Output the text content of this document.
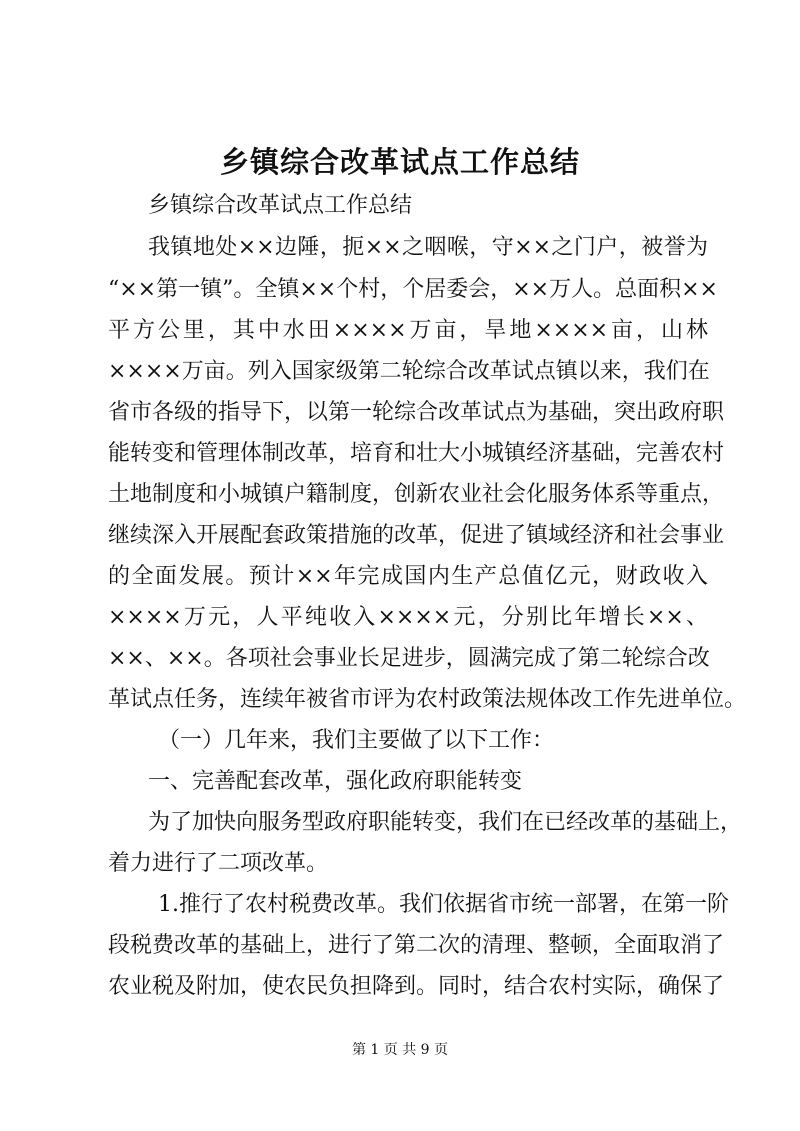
乡镇综合改革试点工作总结

乡镇综合改革试点工作总结

我镇地处××边陲，扼××之咽喉，守××之门户，被誉为

“××第一镇”。全镇××个村，个居委会，××万人。总面积××

平方公里，其中水田××××万亩，旱地××××亩，山林

××××万亩。列入国家级第二轮综合改革试点镇以来，我们在

省市各级的指导下，以第一轮综合改革试点为基础，突出政府职

能转变和管理体制改革，培育和壮大小城镇经济基础，完善农村

土地制度和小城镇户籍制度，创新农业社会化服务体系等重点，

继续深入开展配套政策措施的改革，促进了镇域经济和社会事业

的全面发展。预计××年完成国内生产总值亿元，财政收入

××××万元，人平纯收入××××元，分别比年增长××、

××、××。各项社会事业长足进步，圆满完成了第二轮综合改

革试点任务，连续年被省市评为农村政策法规体改工作先进单位。

（一）几年来，我们主要做了以下工作：

一、完善配套改革，强化政府职能转变

为了加快向服务型政府职能转变，我们在已经改革的基础上，

着力进行了二项改革。

1.推行了农村税费改革。我们依据省市统一部署，在第一阶

段税费改革的基础上，进行了第二次的清理、整顿，全面取消了

农业税及附加，使农民负担降到。同时，结合农村实际，确保了

第 1 页 共 9 页
